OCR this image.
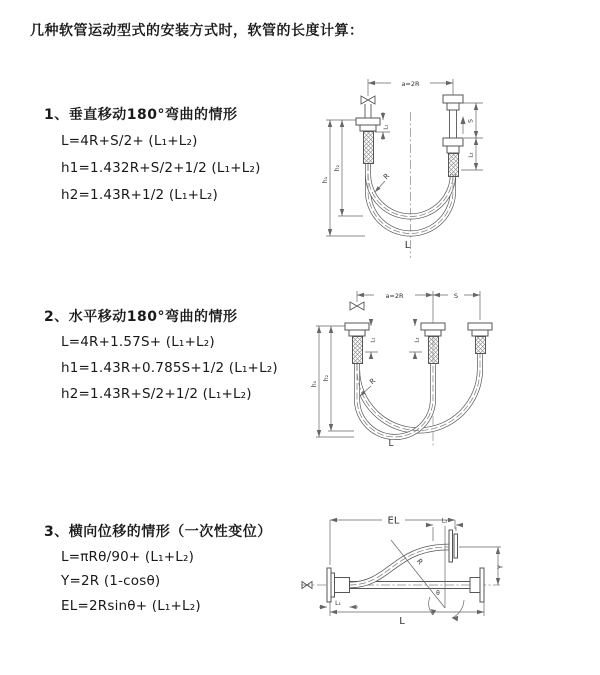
几种软管运动型式的安装方式时，软管的长度计算：
1、垂直移动180°弯曲的情形
L=4R+S/2+ (L₁+L₂)
h1=1.432R+S/2+1/2 (L₁+L₂)
h2=1.43R+1/2 (L₁+L₂)
2、水平移动180°弯曲的情形
L=4R+1.57S+ (L₁+L₂)
h1=1.43R+0.785S+1/2 (L₁+L₂)
h2=1.43R+S/2+1/2 (L₁+L₂)
3、横向位移的情形（一次性变位）
L=πRθ/90+ (L₁+L₂)
Y=2R (1-cosθ)
EL=2Rsinθ+ (L₁+L₂)
a=2R
h₁
h₂
L₁
S
L₂
R
L
a=2R	S
L₁	L₂
h₁
h₂	R
L
EL	L₂
Y
θ
R
L₁
L
